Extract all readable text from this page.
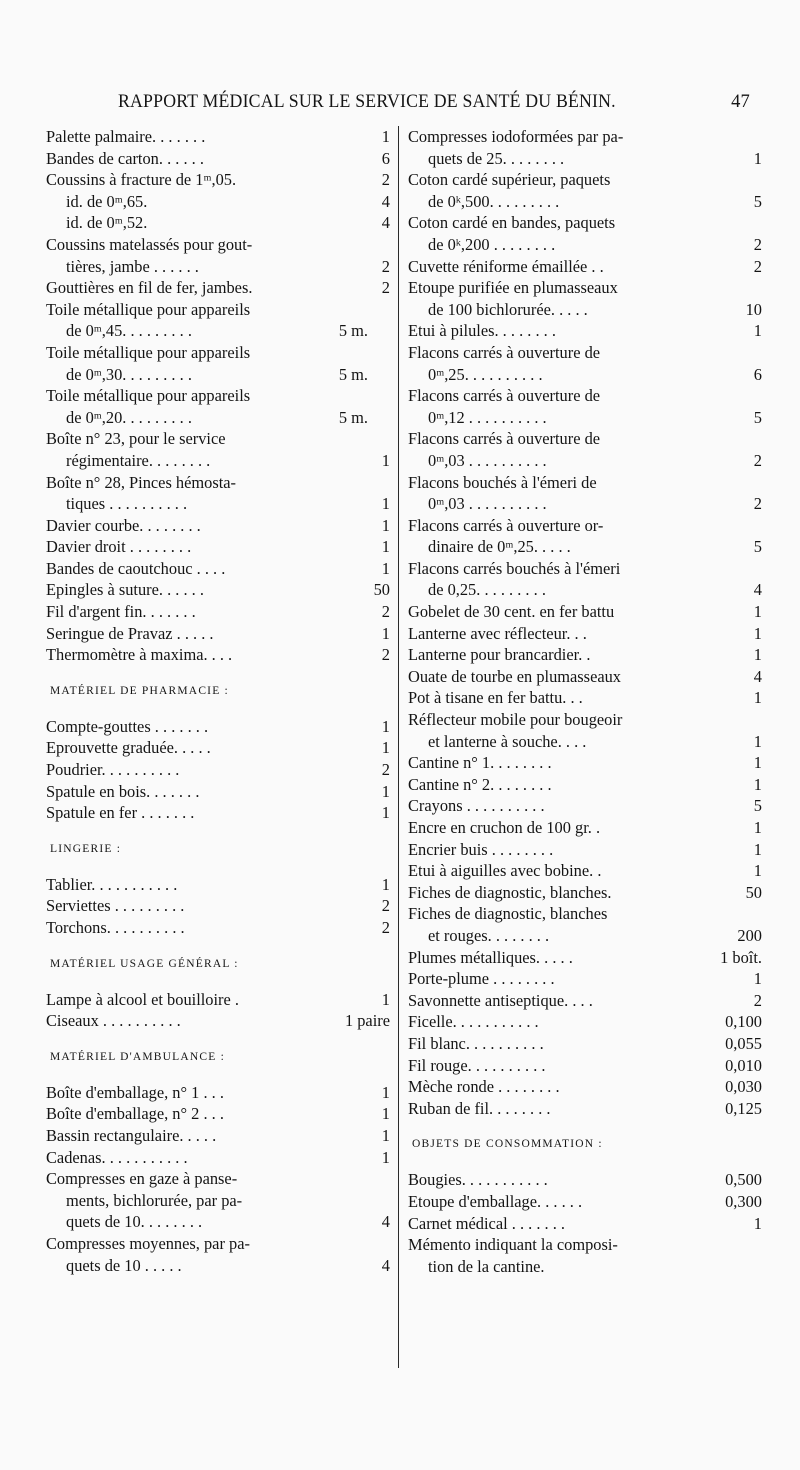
RAPPORT MÉDICAL SUR LE SERVICE DE SANTÉ DU BÉNIN.	47
Palette palmaire. . . . . . .	1
Bandes de carton. . . . . .	6
Coussins à fracture de 1ᵐ,05.	2
id. de 0ᵐ,65.	4
id. de 0ᵐ,52.	4
Coussins matelassés pour gout-
tières, jambe . . . . . .	2
Gouttières en fil de fer, jambes.	2
Toile métallique pour appareils
de 0ᵐ,45. . . . . . . . .	5 m.
Toile métallique pour appareils
de 0ᵐ,30. . . . . . . . .	5 m.
Toile métallique pour appareils
de 0ᵐ,20. . . . . . . . .	5 m.
Boîte n° 23, pour le service
régimentaire. . . . . . . .	1
Boîte n° 28, Pinces hémosta-
tiques . . . . . . . . . .	1
Davier courbe. . . . . . . .	1
Davier droit . . . . . . . .	1
Bandes de caoutchouc . . . .	1
Epingles à suture. . . . . .	50
Fil d'argent fin. . . . . . .	2
Seringue de Pravaz . . . . .	1
Thermomètre à maxima. . . .	2
MATÉRIEL DE PHARMACIE :
Compte-gouttes . . . . . . .	1
Eprouvette graduée. . . . .	1
Poudrier. . . . . . . . . .	2
Spatule en bois. . . . . . .	1
Spatule en fer . . . . . . .	1
LINGERIE :
Tablier. . . . . . . . . . .	1
Serviettes . . . . . . . . .	2
Torchons. . . . . . . . . .	2
MATÉRIEL USAGE GÉNÉRAL :
Lampe à alcool et bouilloire .	1
Ciseaux . . . . . . . . . .	1 paire
MATÉRIEL D'AMBULANCE :
Boîte d'emballage, n° 1 . . .	1
Boîte d'emballage, n° 2 . . .	1
Bassin rectangulaire. . . . .	1
Cadenas. . . . . . . . . . .	1
Compresses en gaze à panse-
ments, bichlorurée, par pa-
quets de 10. . . . . . . .	4
Compresses moyennes, par pa-
quets de 10 . . . . .	4
Compresses iodoformées par pa-
quets de 25. . . . . . . .	1
Coton cardé supérieur, paquets
de 0ᵏ,500. . . . . . . . .	5
Coton cardé en bandes, paquets
de 0ᵏ,200 . . . . . . . .	2
Cuvette réniforme émaillée . .	2
Etoupe purifiée en plumasseaux
de 100 bichlorurée. . . . .	10
Etui à pilules. . . . . . . .	1
Flacons carrés à ouverture de
0ᵐ,25. . . . . . . . . .	6
Flacons carrés à ouverture de
0ᵐ,12 . . . . . . . . . .	5
Flacons carrés à ouverture de
0ᵐ,03 . . . . . . . . . .	2
Flacons bouchés à l'émeri de
0ᵐ,03 . . . . . . . . . .	2
Flacons carrés à ouverture or-
dinaire de 0ᵐ,25. . . . .	5
Flacons carrés bouchés à l'émeri
de 0,25. . . . . . . . .	4
Gobelet de 30 cent. en fer battu	1
Lanterne avec réflecteur. . .	1
Lanterne pour brancardier. .	1
Ouate de tourbe en plumasseaux	4
Pot à tisane en fer battu. . .	1
Réflecteur mobile pour bougeoir
et lanterne à souche. . . .	1
Cantine n° 1. . . . . . . .	1
Cantine n° 2. . . . . . . .	1
Crayons . . . . . . . . . .	5
Encre en cruchon de 100 gr. .	1
Encrier buis . . . . . . . .	1
Etui à aiguilles avec bobine. .	1
Fiches de diagnostic, blanches.	50
Fiches de diagnostic, blanches
et rouges. . . . . . . .	200
Plumes métalliques. . . . .	1 boît.
Porte-plume . . . . . . . .	1
Savonnette antiseptique. . . .	2
Ficelle. . . . . . . . . . .	0,100
Fil blanc. . . . . . . . . .	0,055
Fil rouge. . . . . . . . . .	0,010
Mèche ronde . . . . . . . .	0,030
Ruban de fil. . . . . . . .	0,125
OBJETS DE CONSOMMATION :
Bougies. . . . . . . . . . .	0,500
Etoupe d'emballage. . . . . .	0,300
Carnet médical . . . . . . .	1
Mémento indiquant la composi-
tion de la cantine.
